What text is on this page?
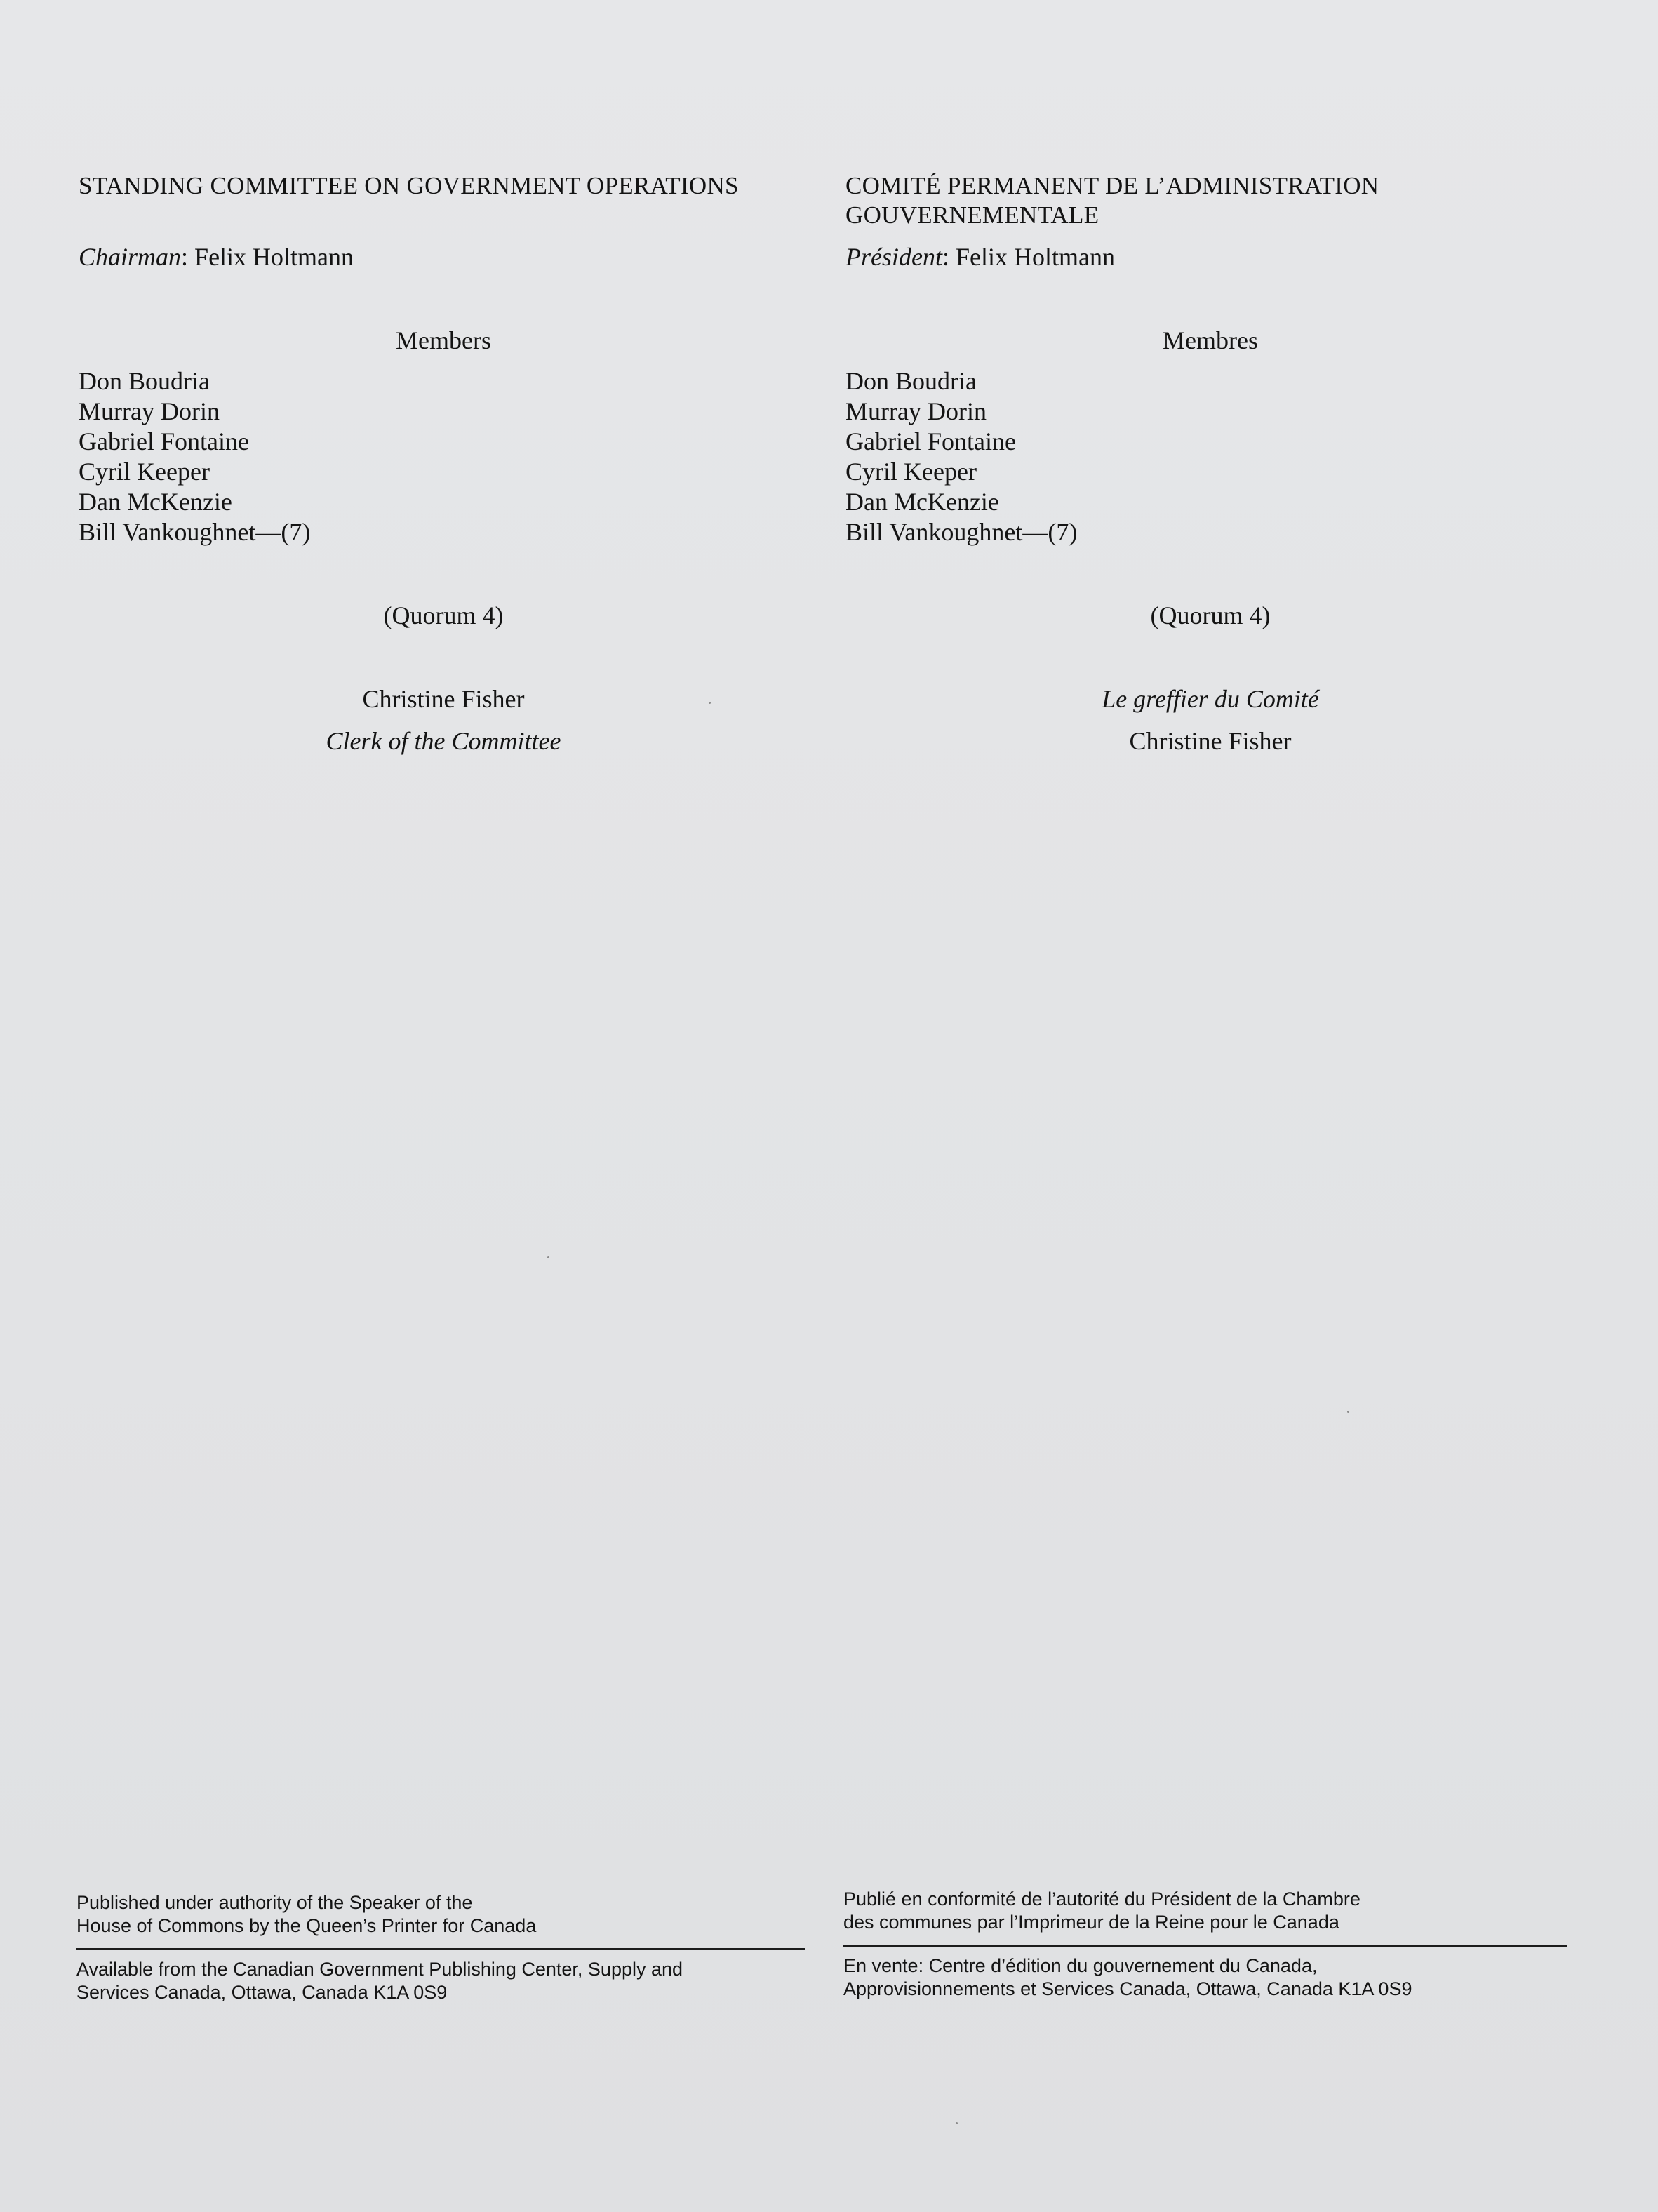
STANDING COMMITTEE ON GOVERNMENT OPERATIONS
Chairman: Felix Holtmann
Members
Don Boudria
Murray Dorin
Gabriel Fontaine
Cyril Keeper
Dan McKenzie
Bill Vankoughnet—(7)
(Quorum 4)
Christine Fisher
Clerk of the Committee
Published under authority of the Speaker of the
House of Commons by the Queen’s Printer for Canada
Available from the Canadian Government Publishing Center, Supply and
Services Canada, Ottawa, Canada K1A 0S9
COMITÉ PERMANENT DE L’ADMINISTRATION GOUVERNEMENTALE
Président: Felix Holtmann
Membres
Don Boudria
Murray Dorin
Gabriel Fontaine
Cyril Keeper
Dan McKenzie
Bill Vankoughnet—(7)
(Quorum 4)
Le greffier du Comité
Christine Fisher
Publié en conformité de l’autorité du Président de la Chambre
des communes par l’Imprimeur de la Reine pour le Canada
En vente: Centre d’édition du gouvernement du Canada,
Approvisionnements et Services Canada, Ottawa, Canada K1A 0S9
